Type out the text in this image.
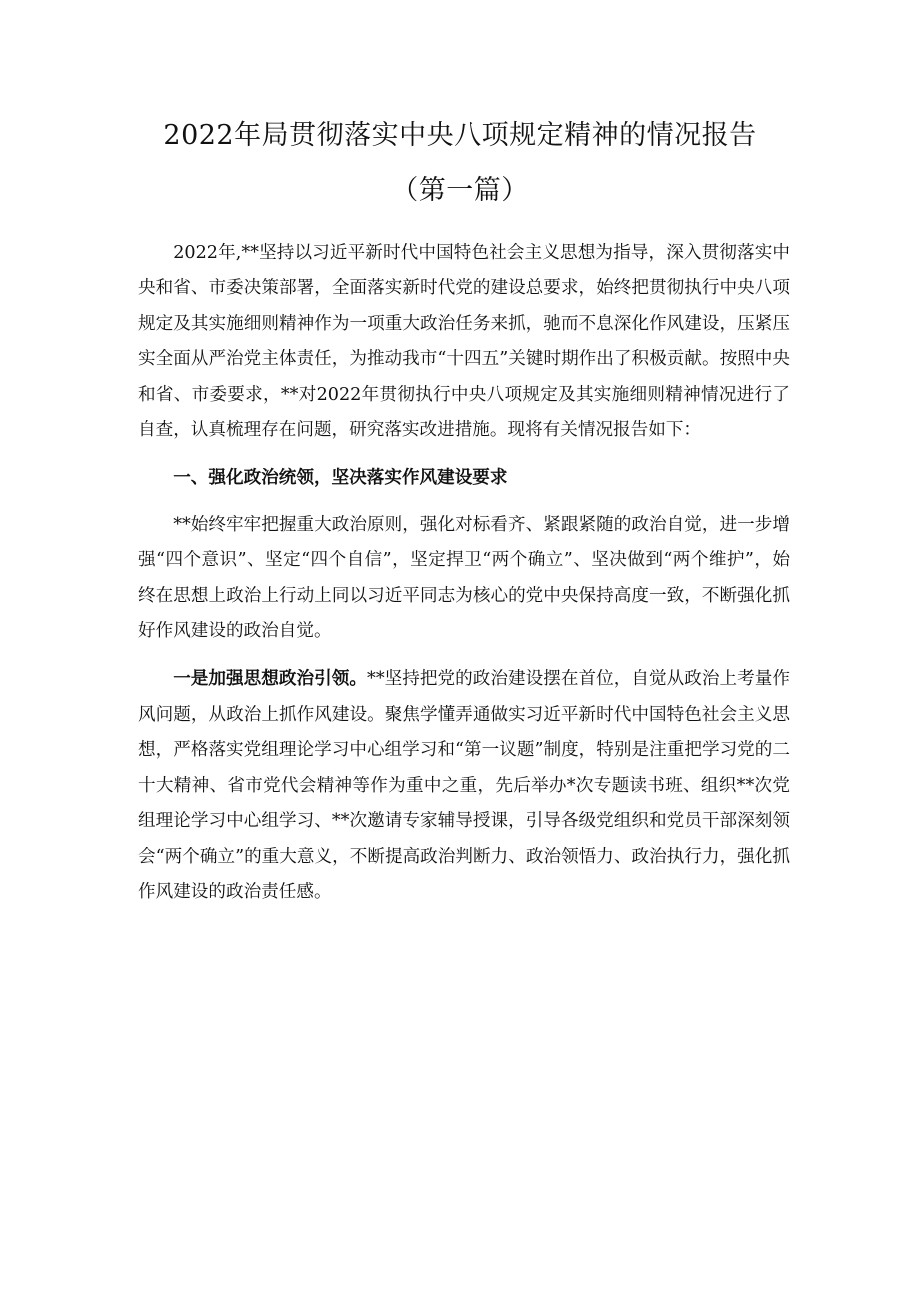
2022年局贯彻落实中央八项规定精神的情况报告
（第一篇）

2022年,**坚持以习近平新时代中国特色社会主义思想为指导，深入贯彻落实中央和省、市委决策部署，全面落实新时代党的建设总要求，始终把贯彻执行中央八项规定及其实施细则精神作为一项重大政治任务来抓，驰而不息深化作风建设，压紧压实全面从严治党主体责任，为推动我市“十四五”关键时期作出了积极贡献。按照中央和省、市委要求，**对2022年贯彻执行中央八项规定及其实施细则精神情况进行了自查，认真梳理存在问题，研究落实改进措施。现将有关情况报告如下：

一、强化政治统领，坚决落实作风建设要求

**始终牢牢把握重大政治原则，强化对标看齐、紧跟紧随的政治自觉，进一步增强“四个意识”、坚定“四个自信”，坚定捍卫“两个确立”、坚决做到“两个维护”，始终在思想上政治上行动上同以习近平同志为核心的党中央保持高度一致，不断强化抓好作风建设的政治自觉。

一是加强思想政治引领。**坚持把党的政治建设摆在首位，自觉从政治上考量作风问题，从政治上抓作风建设。聚焦学懂弄通做实习近平新时代中国特色社会主义思想，严格落实党组理论学习中心组学习和“第一议题”制度，特别是注重把学习党的二十大精神、省市党代会精神等作为重中之重，先后举办*次专题读书班、组织**次党组理论学习中心组学习、**次邀请专家辅导授课，引导各级党组织和党员干部深刻领会“两个确立”的重大意义，不断提高政治判断力、政治领悟力、政治执行力，强化抓作风建设的政治责任感。
